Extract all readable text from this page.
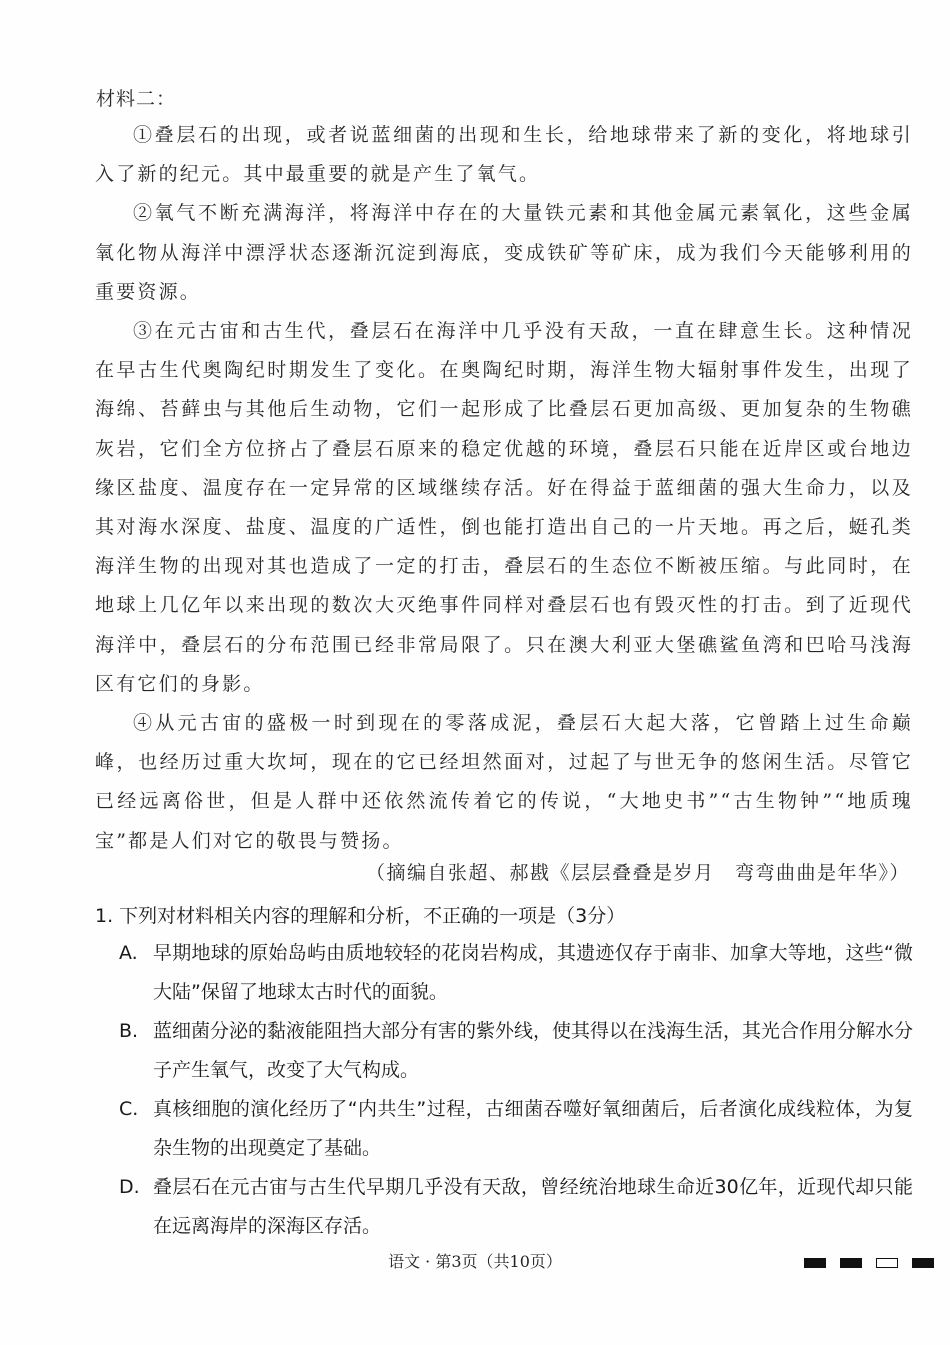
材料二：

①叠层石的出现，或者说蓝细菌的出现和生长，给地球带来了新的变化，将地球引入了新的纪元。其中最重要的就是产生了氧气。

②氧气不断充满海洋，将海洋中存在的大量铁元素和其他金属元素氧化，这些金属氧化物从海洋中漂浮状态逐渐沉淀到海底，变成铁矿等矿床，成为我们今天能够利用的重要资源。

③在元古宙和古生代，叠层石在海洋中几乎没有天敌，一直在肆意生长。这种情况在早古生代奥陶纪时期发生了变化。在奥陶纪时期，海洋生物大辐射事件发生，出现了海绵、苔藓虫与其他后生动物，它们一起形成了比叠层石更加高级、更加复杂的生物礁灰岩，它们全方位挤占了叠层石原来的稳定优越的环境，叠层石只能在近岸区或台地边缘区盐度、温度存在一定异常的区域继续存活。好在得益于蓝细菌的强大生命力，以及其对海水深度、盐度、温度的广适性，倒也能打造出自己的一片天地。再之后，蜓孔类海洋生物的出现对其也造成了一定的打击，叠层石的生态位不断被压缩。与此同时，在地球上几亿年以来出现的数次大灭绝事件同样对叠层石也有毁灭性的打击。到了近现代海洋中，叠层石的分布范围已经非常局限了。只在澳大利亚大堡礁鲨鱼湾和巴哈马浅海区有它们的身影。

④从元古宙的盛极一时到现在的零落成泥，叠层石大起大落，它曾踏上过生命巅峰，也经历过重大坎坷，现在的它已经坦然面对，过起了与世无争的悠闲生活。尽管它已经远离俗世，但是人群中还依然流传着它的传说，“大地史书”“古生物钟”“地质瑰宝”都是人们对它的敬畏与赞扬。

（摘编自张超、郝戡《层层叠叠是岁月　弯弯曲曲是年华》）
1. 下列对材料相关内容的理解和分析，不正确的一项是（3分）
A. 早期地球的原始岛屿由质地较轻的花岗岩构成，其遗迹仅存于南非、加拿大等地，这些“微大陆”保留了地球太古时代的面貌。
B. 蓝细菌分泌的黏液能阻挡大部分有害的紫外线，使其得以在浅海生活，其光合作用分解水分子产生氧气，改变了大气构成。
C. 真核细胞的演化经历了“内共生”过程，古细菌吞噬好氧细菌后，后者演化成线粒体，为复杂生物的出现奠定了基础。
D. 叠层石在元古宙与古生代早期几乎没有天敌，曾经统治地球生命近30亿年，近现代却只能在远离海岸的深海区存活。
语文 · 第3页（共10页）
